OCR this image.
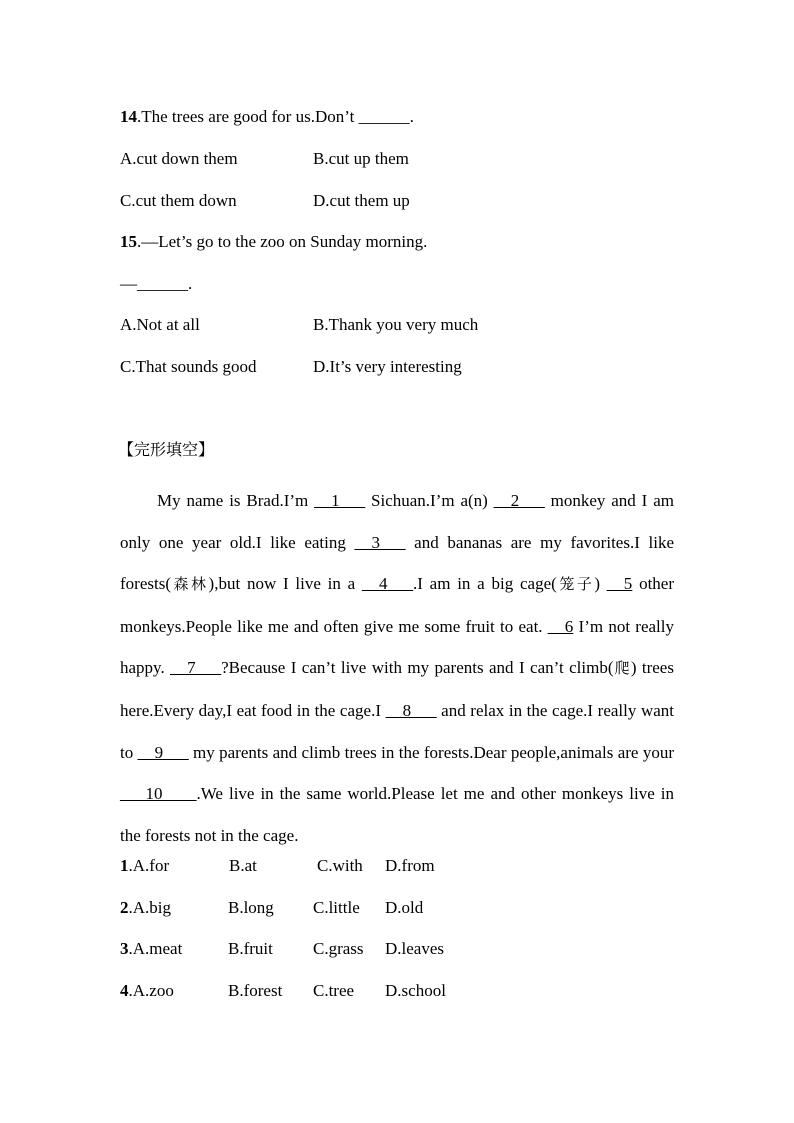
14.The trees are good for us.Don’t ______.
A.cut down them	B.cut up them
C.cut them down	D.cut them up
15.—Let’s go to the zoo on Sunday morning.
—______.
A.Not at all	B.Thank you very much
C.That sounds good	D.It’s very interesting
【完形填空】
My name is Brad.I’m __1___ Sichuan.I’m a(n) __2___ monkey and I am only one year old.I like eating __3___ and bananas are my favorites.I like forests(森林),but now I live in a __4___.I am in a big cage(笼子) __5 other monkeys.People like me and often give me some fruit to eat. __6 I’m not really happy. __7___?Because I can’t live with my parents and I can’t climb(爬) trees here.Every day,I eat food in the cage.I __8___ and relax in the cage.I really want to __9___ my parents and climb trees in the forests.Dear people,animals are your ___10____.We live in the same world.Please let me and other monkeys live in the forests not in the cage.
1.A.for	B.at	C.with D.from
2.A.big	B.long C.little D.old
3.A.meat	B.fruit C.grass D.leaves
4.A.zoo	B.forest C.tree D.school
